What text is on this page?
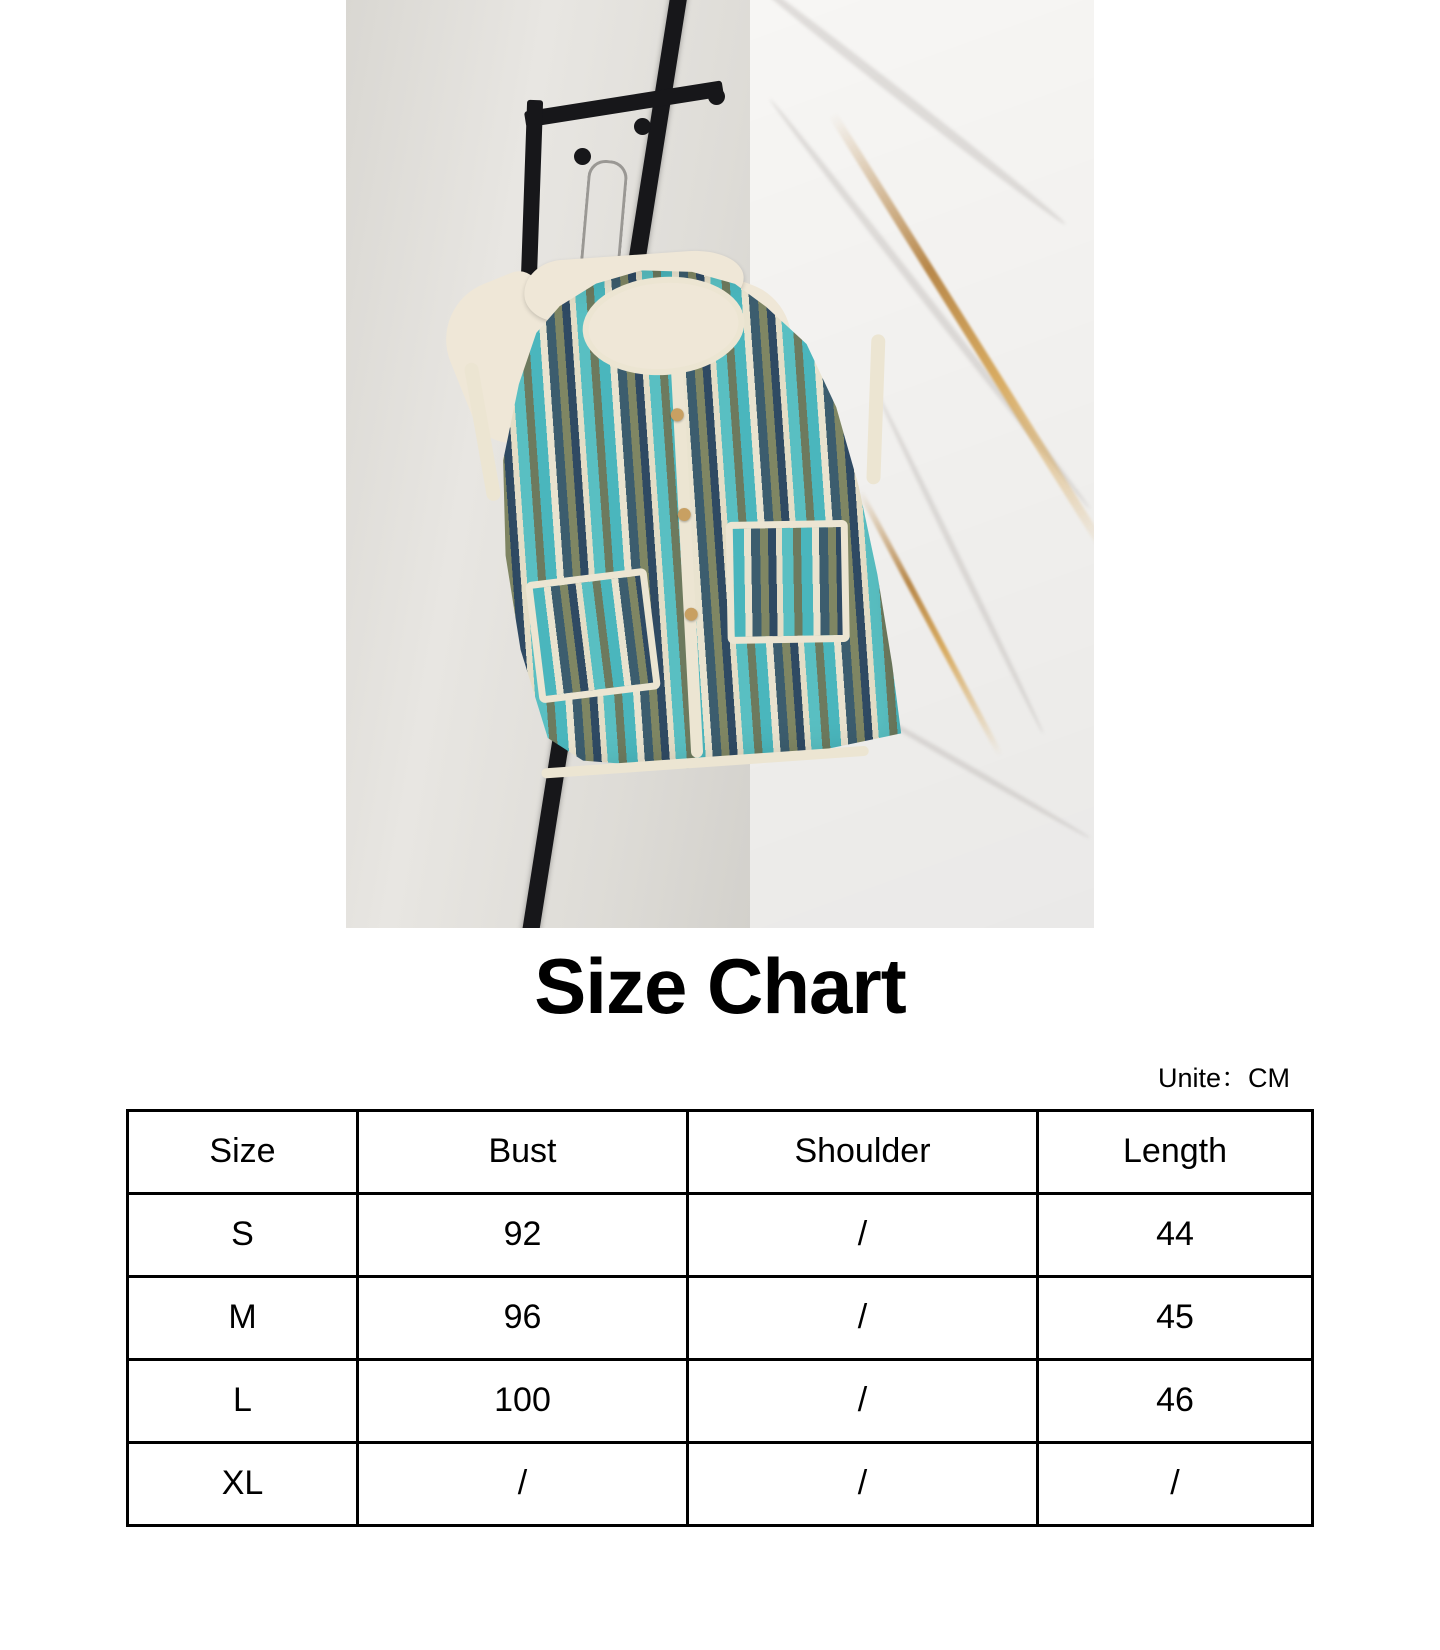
Size Chart
Unite：CM
Size	Bust	Shoulder	Length
S	92	/	44
M	96	/	45
L	100	/	46
XL	/	/	/
